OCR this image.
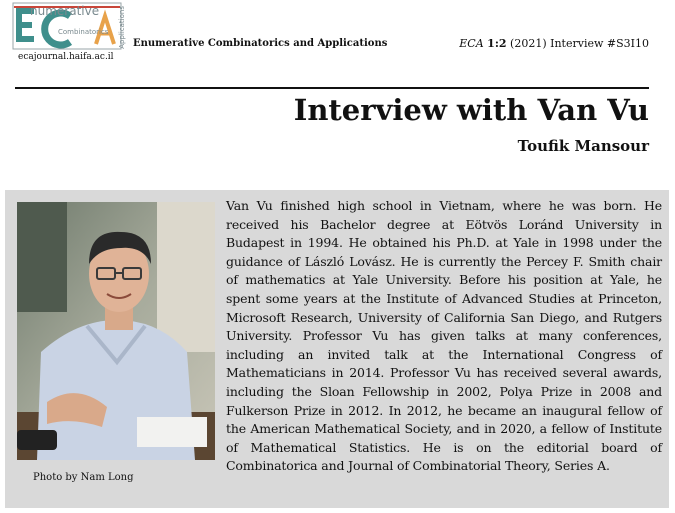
numerative
Combinatorics Applications
ecajournal.haifa.ac.il
Enumerative Combinatorics and Applications	ECA 1:2 (2021) Interview #S3I10
Interview with Van Vu
Toufik Mansour
Photo by Nam Long
Van Vu finished high school in Vietnam, where he was born. He received his Bachelor degree at Eötvös Loránd University in Budapest in 1994. He obtained his Ph.D. at Yale in 1998 under the guidance of László Lovász. He is currently the Percey F. Smith chair of mathematics at Yale University. Before his position at Yale, he spent some years at the Institute of Advanced Studies at Princeton, Microsoft Research, University of California San Diego, and Rutgers University. Professor Vu has given talks at many conferences, including an invited talk at the International Congress of Mathematicians in 2014. Professor Vu has received several awards, including the Sloan Fellowship in 2002, Polya Prize in 2008 and Fulkerson Prize in 2012. In 2012, he became an inaugural fellow of the American Mathematical Society, and in 2020, a fellow of Institute of Mathematical Statistics. He is on the editorial board of Combinatorica and Journal of Combinatorial Theory, Series A.
